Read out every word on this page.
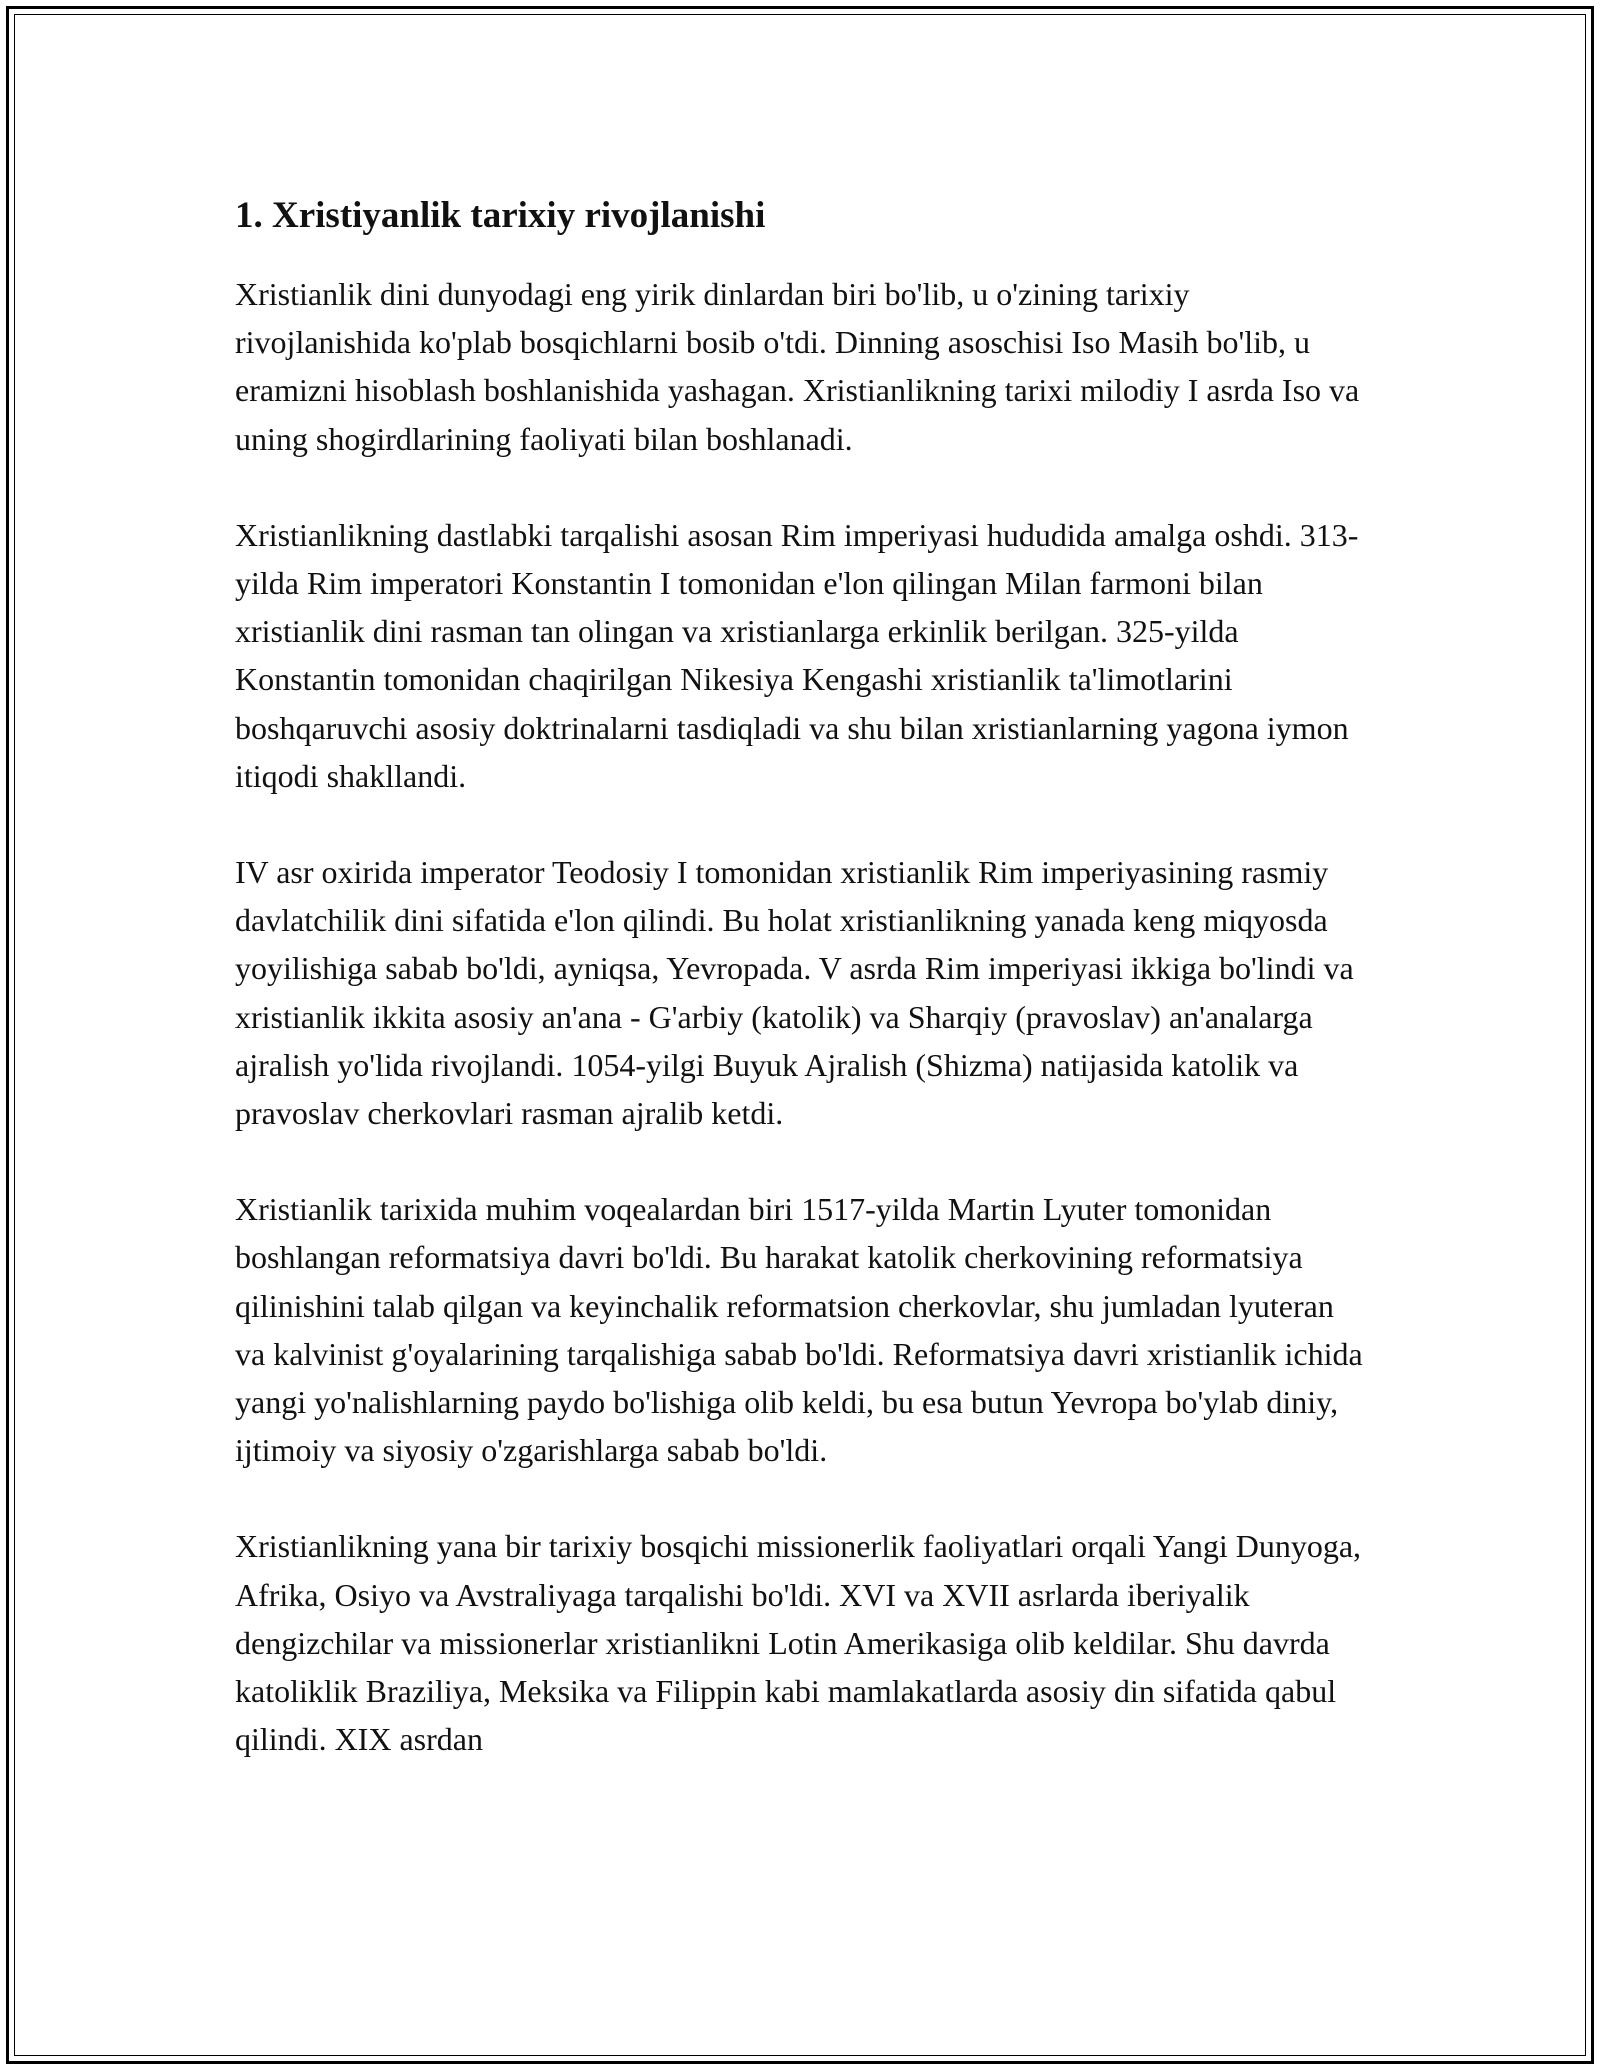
1. Xristiyanlik tarixiy rivojlanishi

Xristianlik dini dunyodagi eng yirik dinlardan biri bo'lib, u o'zining tarixiy rivojlanishida ko'plab bosqichlarni bosib o'tdi. Dinning asoschisi Iso Masih bo'lib, u eramizni hisoblash boshlanishida yashagan. Xristianlikning tarixi milodiy I asrda Iso va uning shogirdlarining faoliyati bilan boshlanadi.

Xristianlikning dastlabki tarqalishi asosan Rim imperiyasi hududida amalga oshdi. 313-yilda Rim imperatori Konstantin I tomonidan e'lon qilingan Milan farmoni bilan xristianlik dini rasman tan olingan va xristianlarga erkinlik berilgan. 325-yilda Konstantin tomonidan chaqirilgan Nikesiya Kengashi xristianlik ta'limotlarini boshqaruvchi asosiy doktrinalarni tasdiqladi va shu bilan xristianlarning yagona iymon itiqodi shakllandi.

IV asr oxirida imperator Teodosiy I tomonidan xristianlik Rim imperiyasining rasmiy davlatchilik dini sifatida e'lon qilindi. Bu holat xristianlikning yanada keng miqyosda yoyilishiga sabab bo'ldi, ayniqsa, Yevropada. V asrda Rim imperiyasi ikkiga bo'lindi va xristianlik ikkita asosiy an'ana - G'arbiy (katolik) va Sharqiy (pravoslav) an'analarga ajralish yo'lida rivojlandi. 1054-yilgi Buyuk Ajralish (Shizma) natijasida katolik va pravoslav cherkovlari rasman ajralib ketdi.

Xristianlik tarixida muhim voqealardan biri 1517-yilda Martin Lyuter tomonidan boshlangan reformatsiya davri bo'ldi. Bu harakat katolik cherkovining reformatsiya qilinishini talab qilgan va keyinchalik reformatsion cherkovlar, shu jumladan lyuteran va kalvinist g'oyalarining tarqalishiga sabab bo'ldi. Reformatsiya davri xristianlik ichida yangi yo'nalishlarning paydo bo'lishiga olib keldi, bu esa butun Yevropa bo'ylab diniy, ijtimoiy va siyosiy o'zgarishlarga sabab bo'ldi.

Xristianlikning yana bir tarixiy bosqichi missionerlik faoliyatlari orqali Yangi Dunyoga, Afrika, Osiyo va Avstraliyaga tarqalishi bo'ldi. XVI va XVII asrlarda iberiyalik dengizchilar va missionerlar xristianlikni Lotin Amerikasiga olib keldilar. Shu davrda katoliklik Braziliya, Meksika va Filippin kabi mamlakatlarda asosiy din sifatida qabul qilindi. XIX asrdan
